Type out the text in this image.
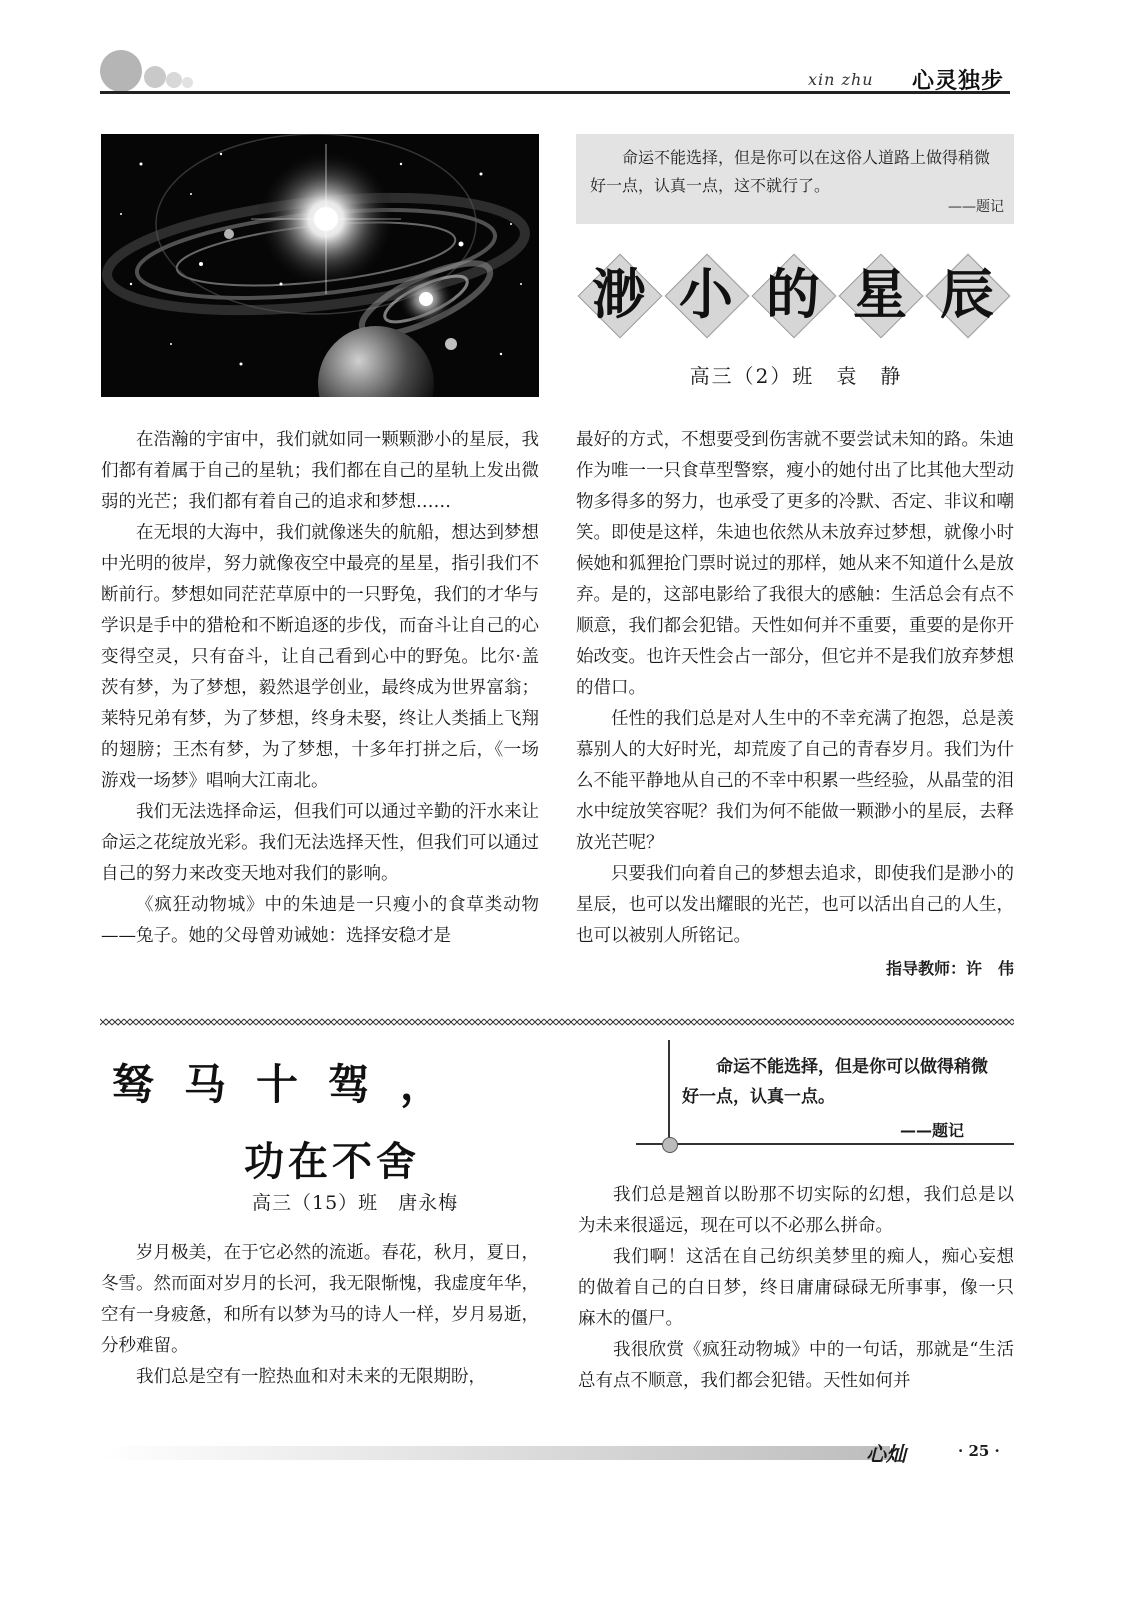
xin zhu 心灵独步
命运不能选择，但是你可以在这俗人道路上做得稍微好一点，认真一点，这不就行了。
——题记
渺 小 的 星 辰
高三（2）班　袁　静

在浩瀚的宇宙中，我们就如同一颗颗渺小的星辰，我们都有着属于自己的星轨；我们都在自己的星轨上发出微弱的光芒；我们都有着自己的追求和梦想……

在无垠的大海中，我们就像迷失的航船，想达到梦想中光明的彼岸，努力就像夜空中最亮的星星，指引我们不断前行。梦想如同茫茫草原中的一只野兔，我们的才华与学识是手中的猎枪和不断追逐的步伐，而奋斗让自己的心变得空灵，只有奋斗，让自己看到心中的野兔。比尔·盖茨有梦，为了梦想，毅然退学创业，最终成为世界富翁；莱特兄弟有梦，为了梦想，终身未娶，终让人类插上飞翔的翅膀；王杰有梦，为了梦想，十多年打拼之后，《一场游戏一场梦》唱响大江南北。

我们无法选择命运，但我们可以通过辛勤的汗水来让命运之花绽放光彩。我们无法选择天性，但我们可以通过自己的努力来改变天地对我们的影响。

《疯狂动物城》中的朱迪是一只瘦小的食草类动物——兔子。她的父母曾劝诫她：选择安稳才是

最好的方式，不想要受到伤害就不要尝试未知的路。朱迪作为唯一一只食草型警察，瘦小的她付出了比其他大型动物多得多的努力，也承受了更多的冷默、否定、非议和嘲笑。即使是这样，朱迪也依然从未放弃过梦想，就像小时候她和狐狸抢门票时说过的那样，她从来不知道什么是放弃。是的，这部电影给了我很大的感触：生活总会有点不顺意，我们都会犯错。天性如何并不重要，重要的是你开始改变。也许天性会占一部分，但它并不是我们放弃梦想的借口。

任性的我们总是对人生中的不幸充满了抱怨，总是羡慕别人的大好时光，却荒废了自己的青春岁月。我们为什么不能平静地从自己的不幸中积累一些经验，从晶莹的泪水中绽放笑容呢？我们为何不能做一颗渺小的星辰，去释放光芒呢？

只要我们向着自己的梦想去追求，即使我们是渺小的星辰，也可以发出耀眼的光芒，也可以活出自己的人生，也可以被别人所铭记。

指导教师：许　伟
驽马十驾，
功在不舍
高三（15）班　唐永梅
命运不能选择，但是你可以做得稍微好一点，认真一点。
——题记

岁月极美，在于它必然的流逝。春花，秋月，夏日，冬雪。然而面对岁月的长河，我无限惭愧，我虚度年华，空有一身疲惫，和所有以梦为马的诗人一样，岁月易逝，分秒难留。

我们总是空有一腔热血和对未来的无限期盼，

我们总是翘首以盼那不切实际的幻想，我们总是以为未来很遥远，现在可以不必那么拼命。

我们啊！这活在自己纺织美梦里的痴人，痴心妄想的做着自己的白日梦，终日庸庸碌碌无所事事，像一只麻木的僵尸。

我很欣赏《疯狂动物城》中的一句话，那就是“生活总有点不顺意，我们都会犯错。天性如何并

心灿	· 25 ·
